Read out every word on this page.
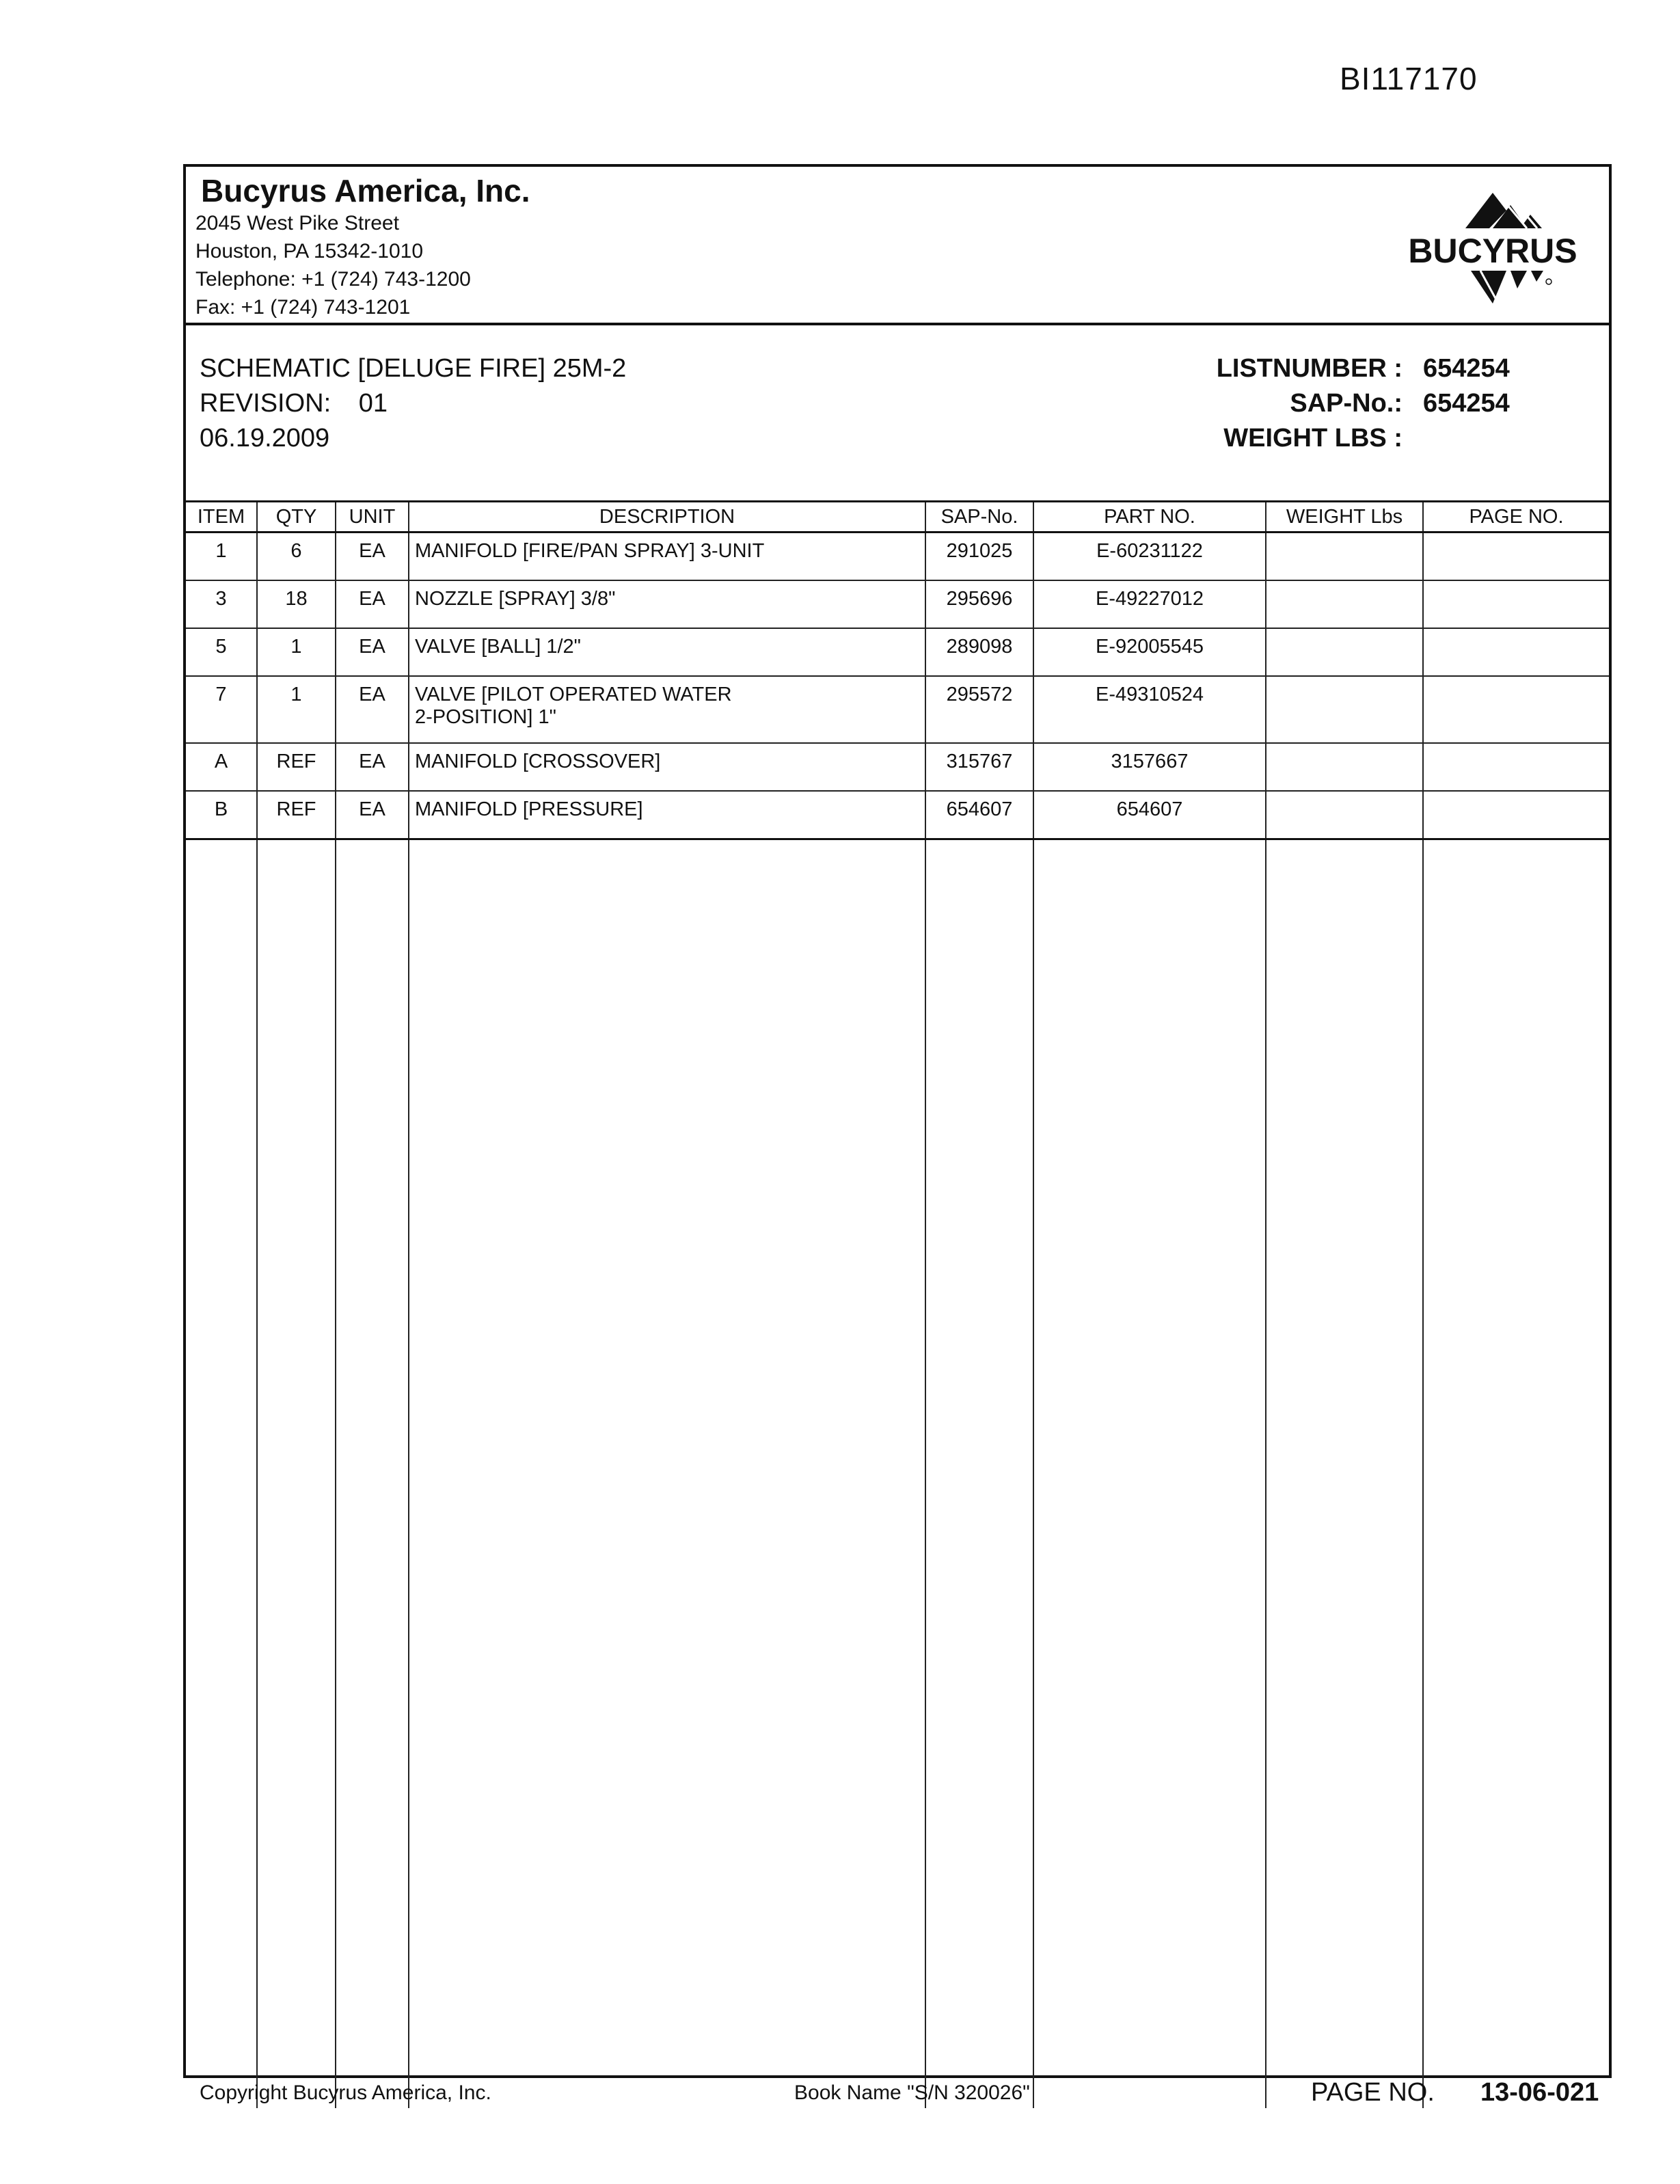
BI117170
Bucyrus America, Inc.
2045 West Pike Street
Houston, PA 15342-1010
Telephone: +1 (724) 743-1200
Fax: +1 (724) 743-1201
BUCYRUS
SCHEMATIC [DELUGE FIRE] 25M-2
REVISION: 01
06.19.2009
LISTNUMBER : 654254
SAP-No.: 654254
WEIGHT LBS :
ITEM	QTY	UNIT	DESCRIPTION	SAP-No.	PART NO.	WEIGHT Lbs	PAGE NO.
1	6	EA	MANIFOLD [FIRE/PAN SPRAY] 3-UNIT	291025	E-60231122		
3	18	EA	NOZZLE [SPRAY] 3/8"	295696	E-49227012		
5	1	EA	VALVE [BALL] 1/2"	289098	E-92005545		
7	1	EA	VALVE [PILOT OPERATED WATER
2-POSITION] 1"	295572	E-49310524		
A	REF	EA	MANIFOLD [CROSSOVER]	315767	3157667		
B	REF	EA	MANIFOLD [PRESSURE]	654607	654607		

Copyright Bucyrus America, Inc.	Book Name "S/N 320026"	PAGE NO. 13-06-021
